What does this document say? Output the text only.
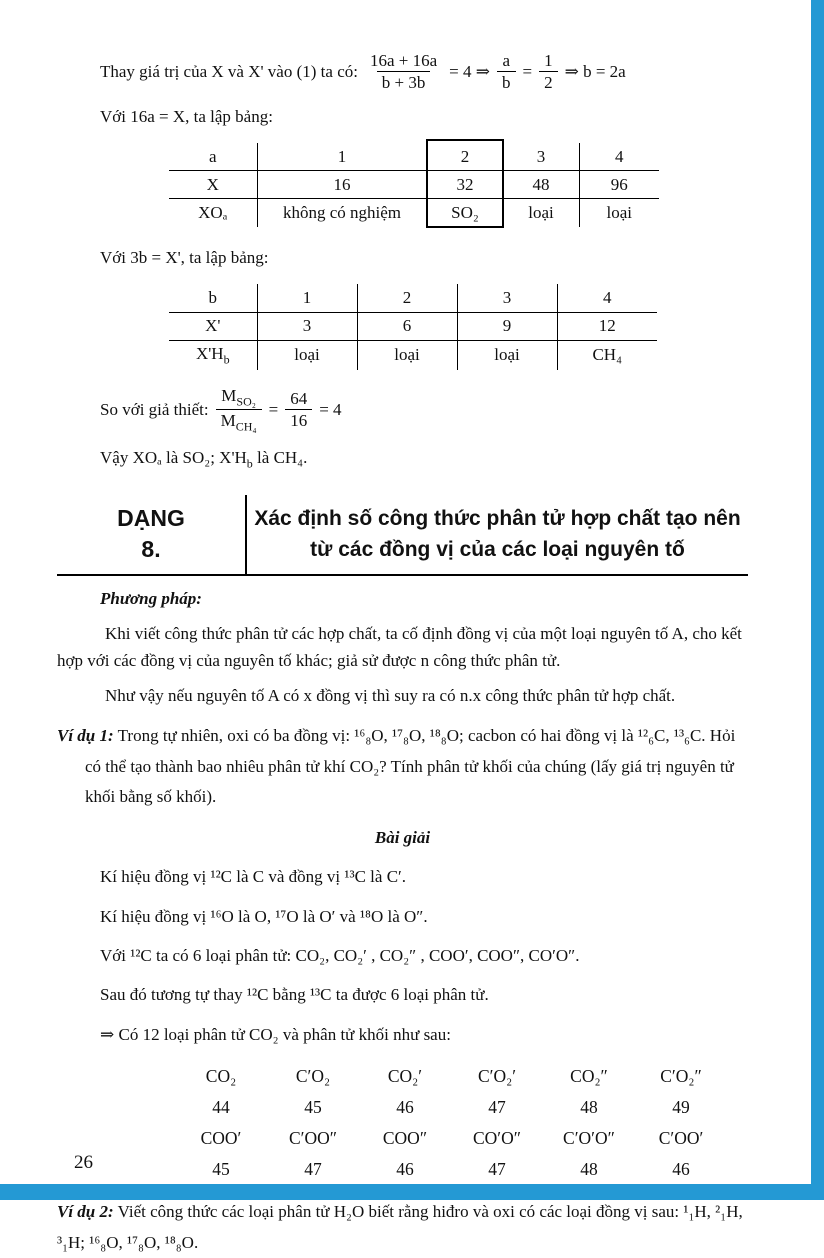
Thay giá trị của X và X' vào (1) ta có: $\frac{16a + 16a}{b + 3b} = 4$ ⇒ $\frac{a}{b} = \frac{1}{2}$ ⇒ b = 2a

Với 16a = X, ta lập bảng:

a	1	2	3	4
X	16	32	48	96
XOₐ	không có nghiệm	SO₂	loại	loại

Với 3b = X', ta lập bảng:

b	1	2	3	4
X'	3	6	9	12
$X'H_b$	loại	loại	loại	CH₄
So với giả thiết: $\frac{M_{SO_2}}{M_{CH_4}} = \frac{64}{16} = 4$

Vậy XOₐ là SO₂; $X'H_b$ là CH₄.

DẠNG
8.
Xác định số công thức phân tử hợp chất tạo nên
từ các đồng vị của các loại nguyên tố

Phương pháp:

Khi viết công thức phân tử các hợp chất, ta cố định đồng vị của một loại nguyên tố A, cho kết hợp với các đồng vị của nguyên tố khác; giả sử được n công thức phân tử.

Như vậy nếu nguyên tố A có x đồng vị thì suy ra có n.x công thức phân tử hợp chất.

Ví dụ 1: Trong tự nhiên, oxi có ba đồng vị: ¹⁶₈O, ¹⁷₈O, ¹⁸₈O; cacbon có hai đồng vị là ¹²₆C, ¹³₆C. Hỏi có thể tạo thành bao nhiêu phân tử khí CO₂? Tính phân tử khối của chúng (lấy giá trị nguyên tử khối bằng số khối).

Bài giải

Kí hiệu đồng vị ¹²C là C và đồng vị ¹³C là C′.

Kí hiệu đồng vị ¹⁶O là O, ¹⁷O là O′ và ¹⁸O là O″.

Với ¹²C ta có 6 loại phân tử: CO₂, CO₂′ , CO₂″ , COO′, COO″, CO′O″.

Sau đó tương tự thay ¹²C bằng ¹³C ta được 6 loại phân tử.

⇒ Có 12 loại phân tử CO₂ và phân tử khối như sau:

CO₂	C′O₂	CO₂′	C′O₂′	CO₂″	C′O₂″
44	45	46	47	48	49
COO′	C′OO″	COO″	CO′O″	C′O′O″	C′OO′
45	47	46	47	48	46

Ví dụ 2: Viết công thức các loại phân tử H₂O biết rằng hiđro và oxi có các loại đồng vị sau: ¹₁H, ²₁H, ³₁H; ¹⁶₈O, ¹⁷₈O, ¹⁸₈O.

26
